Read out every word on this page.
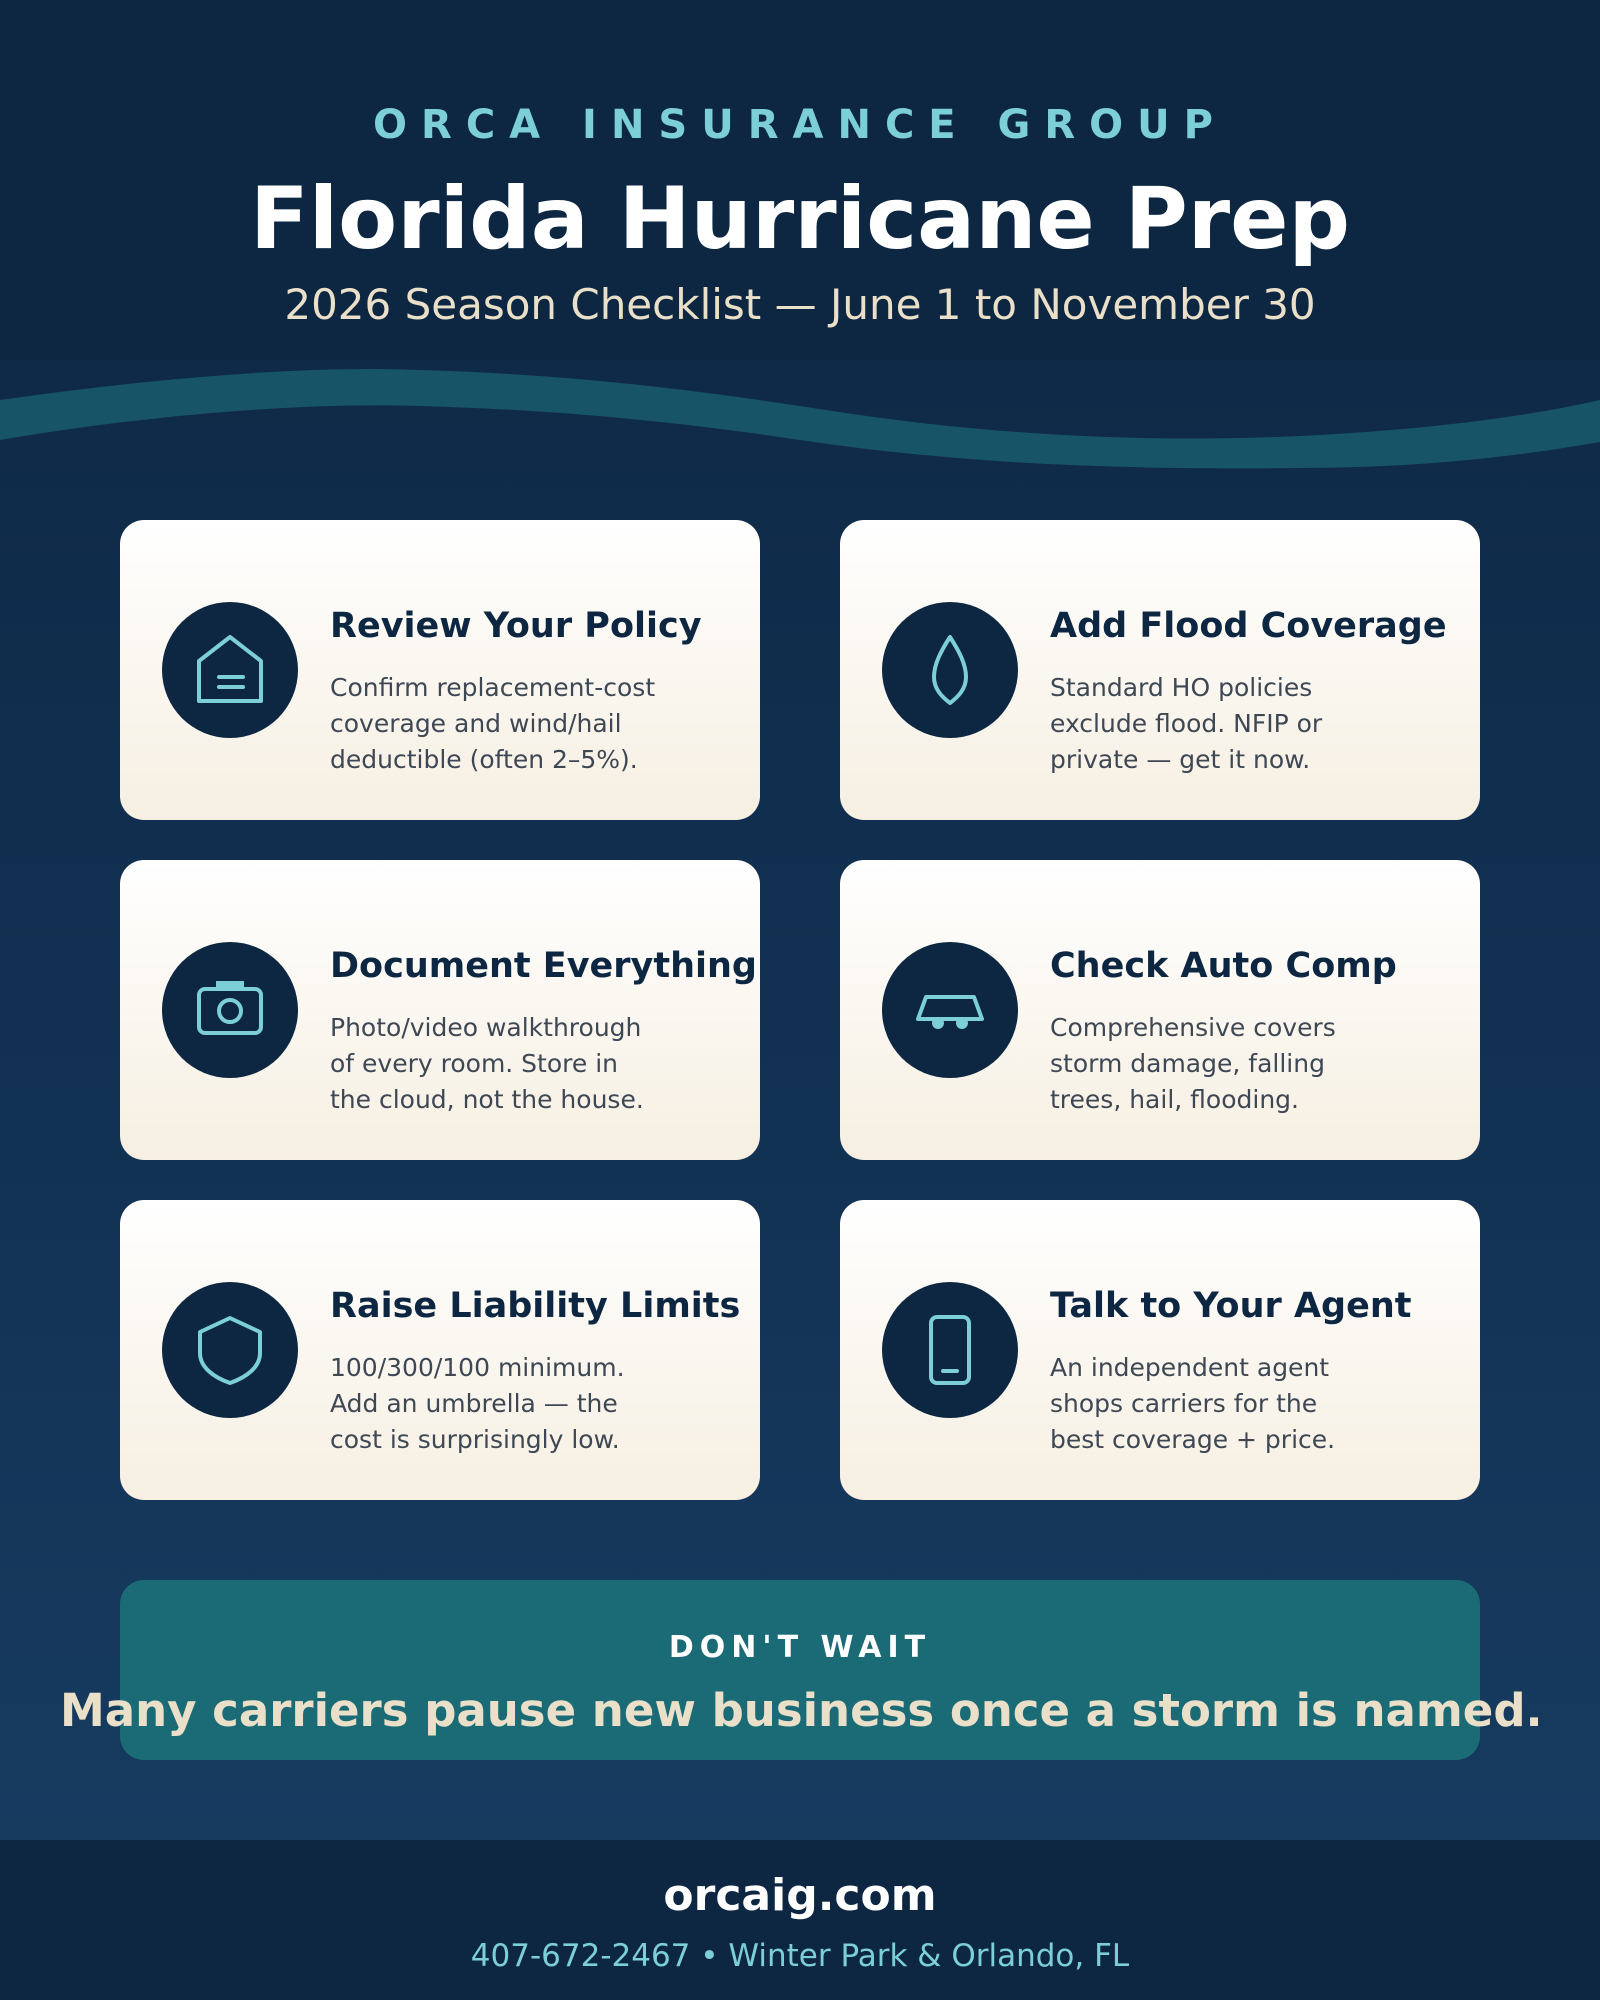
ORCA INSURANCE GROUP
Florida Hurricane Prep
2026 Season Checklist — June 1 to November 30
Review Your Policy
Confirm replacement-cost
coverage and wind/hail
deductible (often 2–5%).
Add Flood Coverage
Standard HO policies
exclude flood. NFIP or
private — get it now.
Document Everything
Photo/video walkthrough
of every room. Store in
the cloud, not the house.
Check Auto Comp
Comprehensive covers
storm damage, falling
trees, hail, flooding.
Raise Liability Limits
100/300/100 minimum.
Add an umbrella — the
cost is surprisingly low.
Talk to Your Agent
An independent agent
shops carriers for the
best coverage + price.
DON'T WAIT
Many carriers pause new business once a storm is named.
orcaig.com
407-672-2467 • Winter Park & Orlando, FL
